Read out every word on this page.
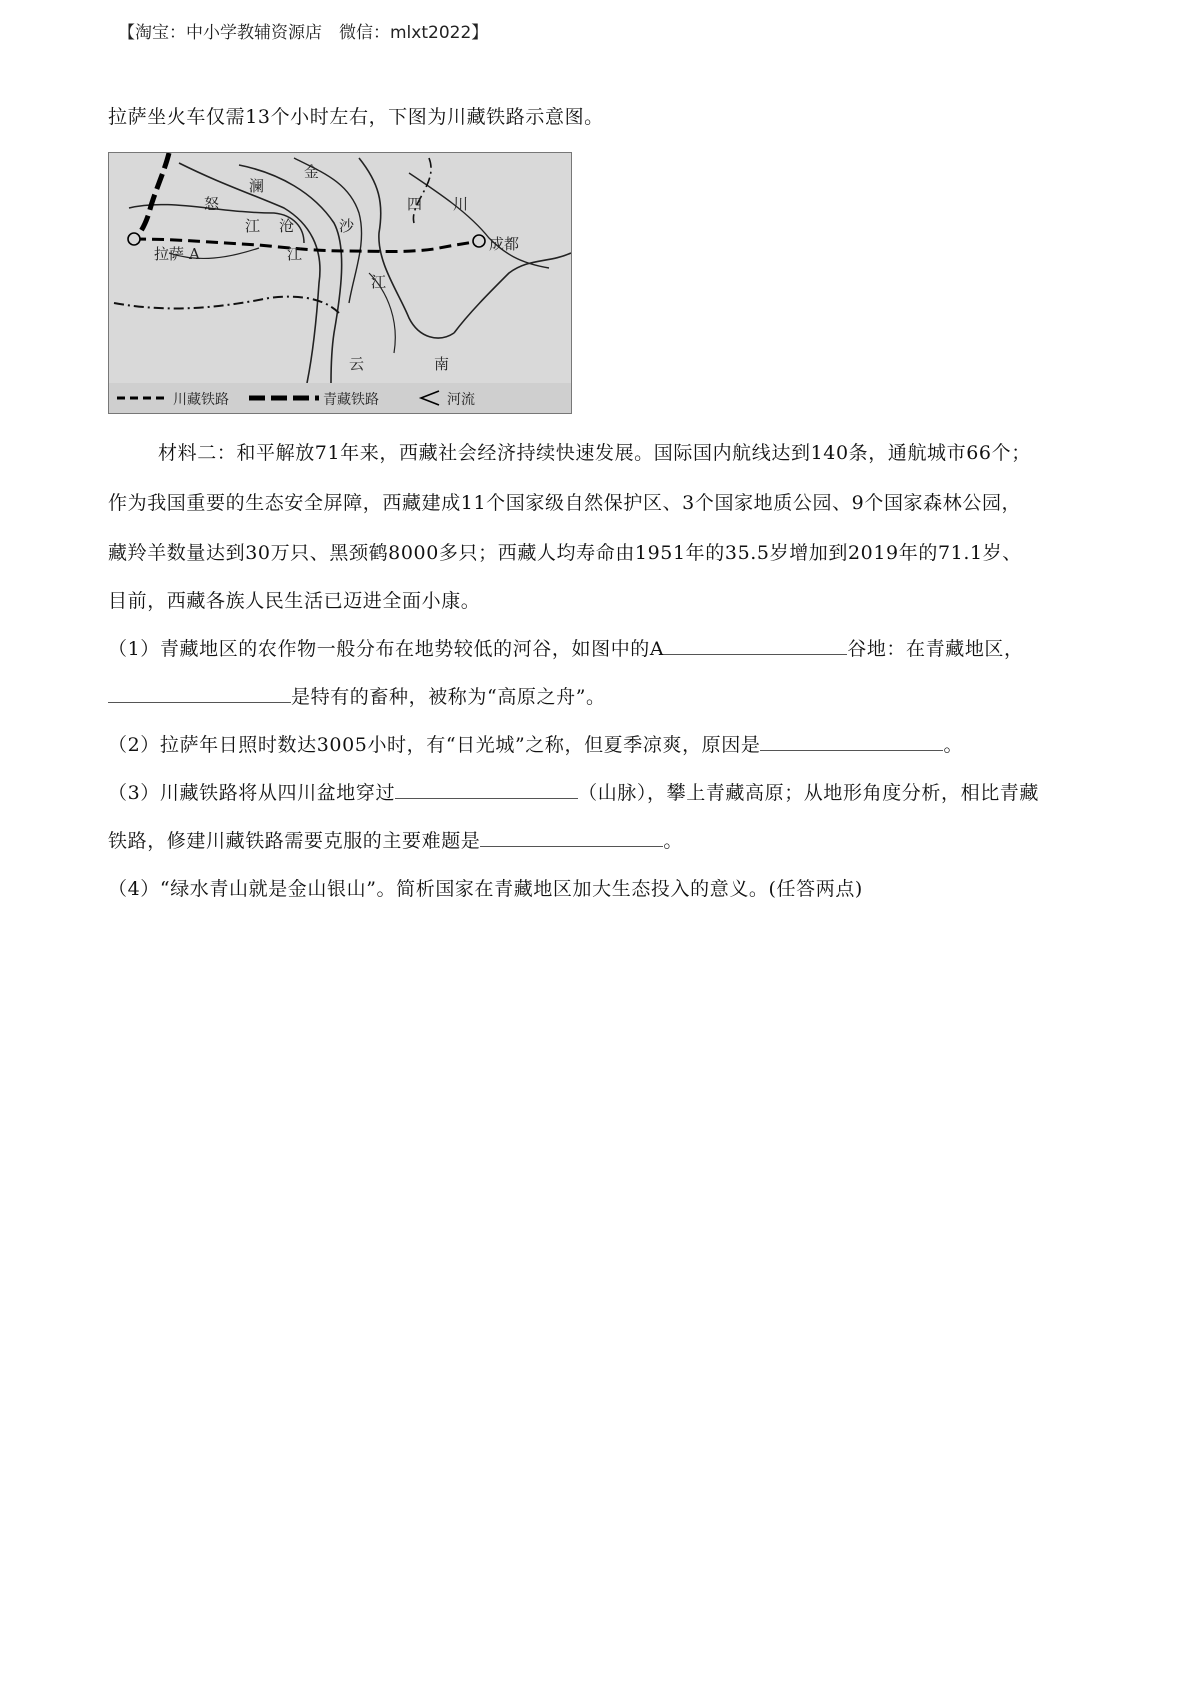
【淘宝：中小学教辅资源店　微信：mlxt2022】
拉萨坐火车仅需13个小时左右，下图为川藏铁路示意图。
拉萨 A
怒
江
澜
沧
江
金
沙
江
四 川
成都
云	南
川藏铁路	青藏铁路	河流
材料二：和平解放71年来，西藏社会经济持续快速发展。国际国内航线达到140条，通航城市66个；
作为我国重要的生态安全屏障，西藏建成11个国家级自然保护区、3个国家地质公园、9个国家森林公园，
藏羚羊数量达到30万只、黑颈鹤8000多只；西藏人均寿命由1951年的35.5岁增加到2019年的71.1岁、
目前，西藏各族人民生活已迈进全面小康。
（1）青藏地区的农作物一般分布在地势较低的河谷，如图中的A	谷地：在青藏地区，
是特有的畜种，被称为“高原之舟”。
（2）拉萨年日照时数达3005小时，有“日光城”之称，但夏季凉爽，原因是	。
（3）川藏铁路将从四川盆地穿过	（山脉），攀上青藏高原；从地形角度分析，相比青藏
铁路，修建川藏铁路需要克服的主要难题是	。
（4）“绿水青山就是金山银山”。简析国家在青藏地区加大生态投入的意义。(任答两点)
